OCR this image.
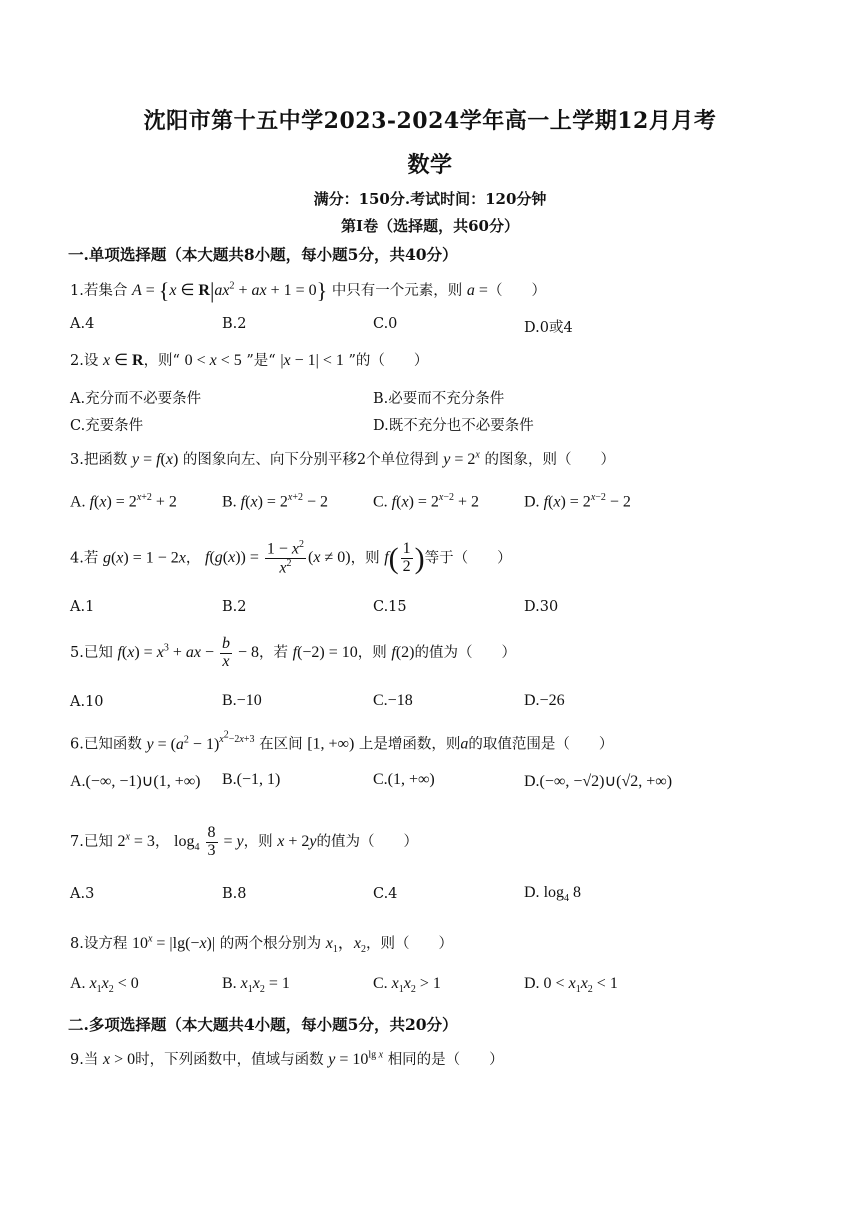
沈阳市第十五中学2023-2024学年高一上学期12月月考
数学
满分：150分.考试时间：120分钟
第Ⅰ卷（选择题，共60分）
一.单项选择题（本大题共8小题，每小题5分，共40分）
1.若集合 A = {x ∈ $R|ax^2$ + ax + 1 = 0} 中只有一个元素，则 a =（　　）
A.4	B.2	C.0	D.0或4
2.设 x ∈ R，则“ 0 < x < 5 ”是“ |x − 1| < 1 ”的（　　）
A.充分而不必要条件	B.必要而不充分条件
C.充要条件	D.既不充分也不必要条件
3.把函数 y = f(x) 的图象向左、向下分别平移2个单位得到 $y = 2^x$ 的图象，则（　　）
A. $f(x) = 2^{x+2} + 2$	B. $f(x) = 2^{x+2} - 2$	C. $f(x) = 2^{x-2} + 2$	D. $f(x) = 2^{x-2} - 2$
4.若 g(x) = 1 − 2x， $f(g(x)) = \frac{1 - x^2}{x^2} (x \ne 0)$，则 $f( \frac{1}{2}$ )等于（　　）
A.1	B.2	C.15	D.30
5.已知 $f(x) = x^3$ + ax − $\frac{b}{x} - 8$，若 f(−2) = 10，则 f(2)的值为（　　）
A.10	B.−10	C.−18	D.−26
6.已知函数 $y = (a^2 - 1)^{x^2-2x+3}$ 在区间 [1, +∞) 上是增函数，则a的取值范围是（　　）
A.(−∞, −1)∪(1, +∞) B.(−1, 1)	C.(1, +∞)	D.(−∞, −√2)∪(√2, +∞)
7.已知 $2^x = 3$， $\log_4 \frac{8}{3} = y$，则 x + 2y的值为（　　）
A.3	B.8	C.4	D. $\log_4 8$
8.设方程 $10^x = |\lg(-x)|$ 的两个根分别为 $x_1$，$x_2$，则（　　）
A. $x_1x_2 < 0$	B. $x_1x_2 = 1$	C. $x_1x_2 > 1$	D. $0 < x_1x_2 < 1$
二.多项选择题（本大题共4小题，每小题5分，共20分）
9.当 x > 0时，下列函数中，值域与函数 $y = 10^{lg x}$ 相同的是（　　）
